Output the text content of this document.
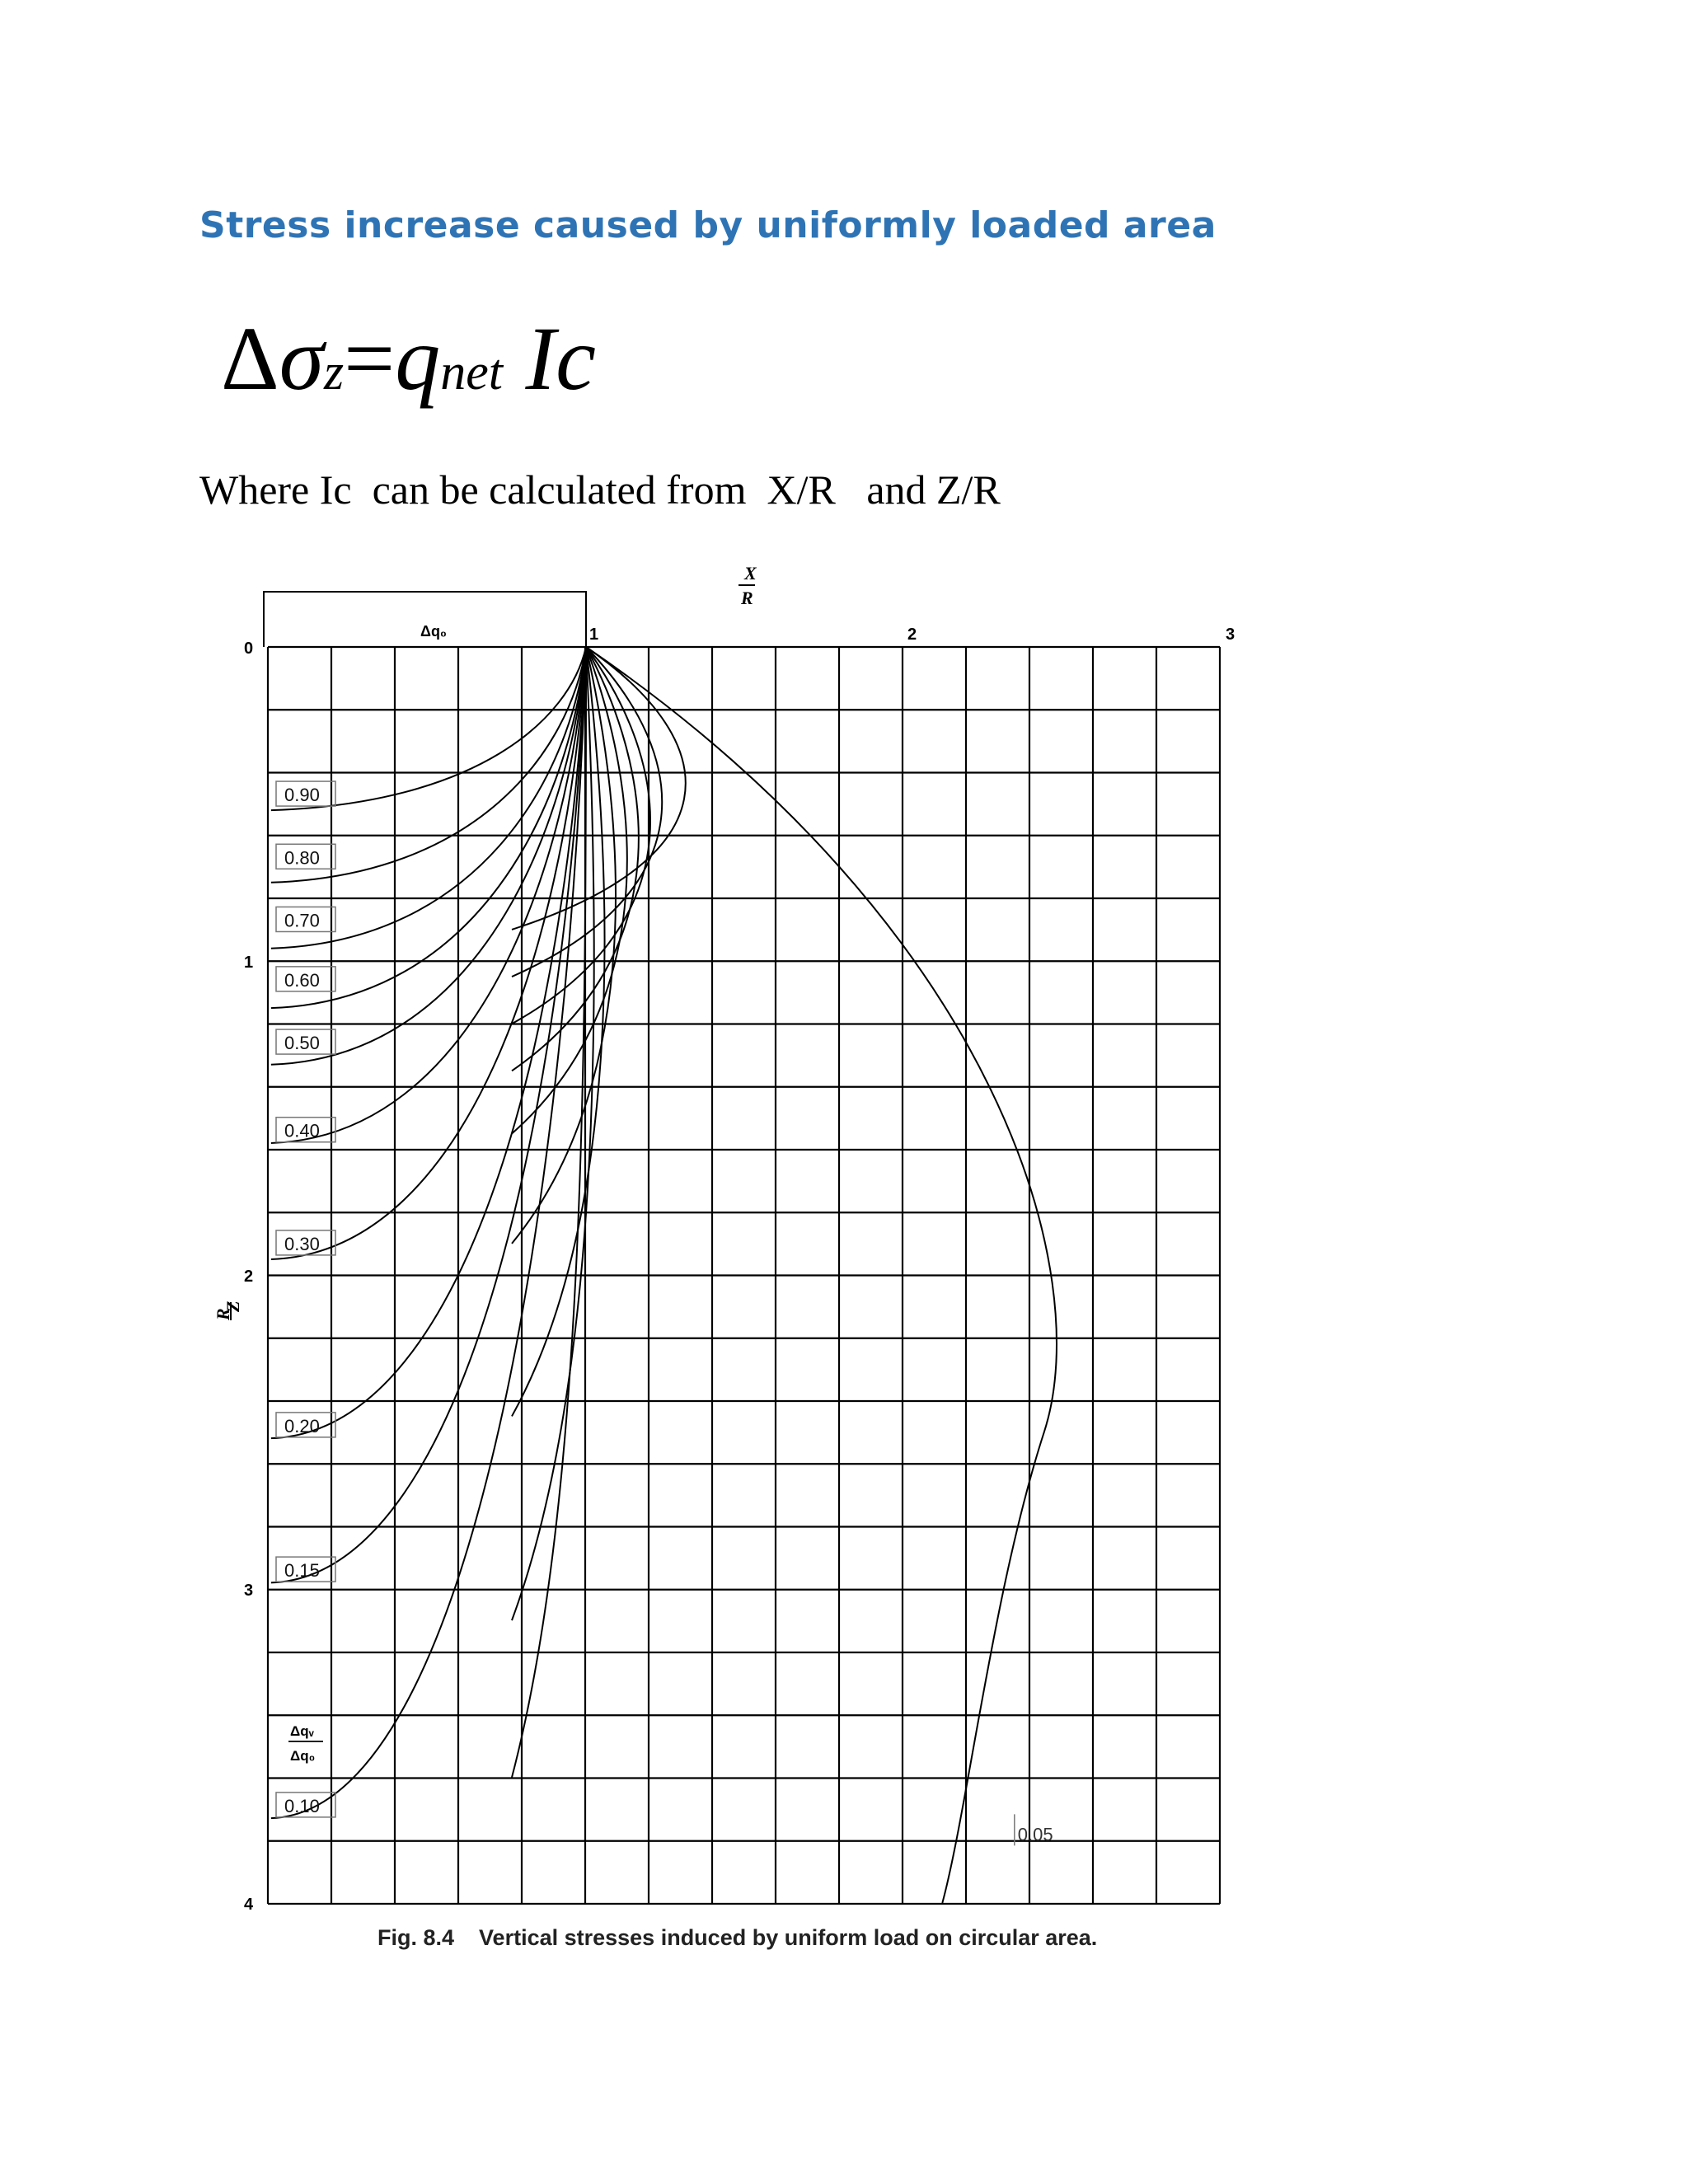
Stress increase caused by uniformly loaded area
Δσz=qnet Ic

Where Ic  can be calculated from  X/R   and Z/R

Δq₀	1	2	3
0
1
2
3
4
X
R
Z
R
0.90
0.80
0.70
0.60
0.50
0.40
0.30
0.20
0.15
0.10
0.05
Δqᵥ
Δq₀

Fig. 8.4    Vertical stresses induced by uniform load on circular area.
